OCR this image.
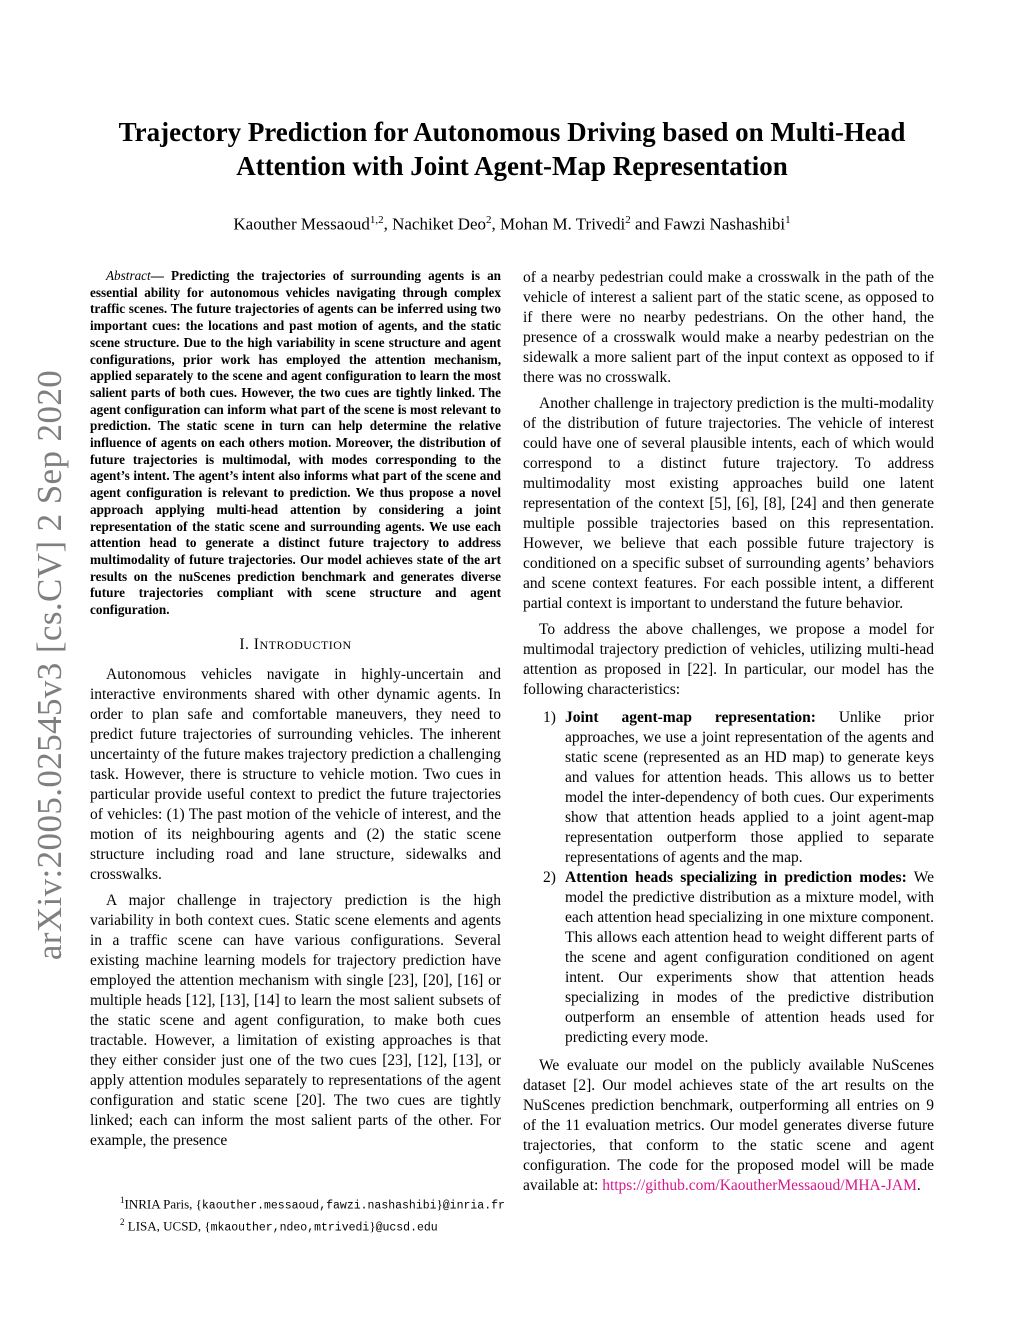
arXiv:2005.02545v3 [cs.CV] 2 Sep 2020
Trajectory Prediction for Autonomous Driving based on Multi-Head
Attention with Joint Agent-Map Representation
Kaouther Messaoud$^{1,2}$, Nachiket Deo$^2$, Mohan M. Trivedi$^2$ and Fawzi Nashashibi$^1$

Abstract— Predicting the trajectories of surrounding agents is an essential ability for autonomous vehicles navigating through complex traffic scenes. The future trajectories of agents can be inferred using two important cues: the locations and past motion of agents, and the static scene structure. Due to the high variability in scene structure and agent configurations, prior work has employed the attention mechanism, applied separately to the scene and agent configuration to learn the most salient parts of both cues. However, the two cues are tightly linked. The agent configuration can inform what part of the scene is most relevant to prediction. The static scene in turn can help determine the relative influence of agents on each others motion. Moreover, the distribution of future trajectories is multimodal, with modes corresponding to the agent’s intent. The agent’s intent also informs what part of the scene and agent configuration is relevant to prediction. We thus propose a novel approach applying multi-head attention by considering a joint representation of the static scene and surrounding agents. We use each attention head to generate a distinct future trajectory to address multimodality of future trajectories. Our model achieves state of the art results on the nuScenes prediction benchmark and generates diverse future trajectories compliant with scene structure and agent configuration.

I. INTRODUCTION

Autonomous vehicles navigate in highly-uncertain and interactive environments shared with other dynamic agents. In order to plan safe and comfortable maneuvers, they need to predict future trajectories of surrounding vehicles. The inherent uncertainty of the future makes trajectory prediction a challenging task. However, there is structure to vehicle motion. Two cues in particular provide useful context to predict the future trajectories of vehicles: (1) The past motion of the vehicle of interest, and the motion of its neighbouring agents and (2) the static scene structure including road and lane structure, sidewalks and crosswalks.

A major challenge in trajectory prediction is the high variability in both context cues. Static scene elements and agents in a traffic scene can have various configurations. Several existing machine learning models for trajectory prediction have employed the attention mechanism with single [23], [20], [16] or multiple heads [12], [13], [14] to learn the most salient subsets of the static scene and agent configuration, to make both cues tractable. However, a limitation of existing approaches is that they either consider just one of the two cues [23], [12], [13], or apply attention modules separately to representations of the agent configuration and static scene [20]. The two cues are tightly linked; each can inform the most salient parts of the other. For example, the presence

of a nearby pedestrian could make a crosswalk in the path of the vehicle of interest a salient part of the static scene, as opposed to if there were no nearby pedestrians. On the other hand, the presence of a crosswalk would make a nearby pedestrian on the sidewalk a more salient part of the input context as opposed to if there was no crosswalk.

Another challenge in trajectory prediction is the multi-modality of the distribution of future trajectories. The vehicle of interest could have one of several plausible intents, each of which would correspond to a distinct future trajectory. To address multimodality most existing approaches build one latent representation of the context [5], [6], [8], [24] and then generate multiple possible trajectories based on this representation. However, we believe that each possible future trajectory is conditioned on a specific subset of surrounding agents’ behaviors and scene context features. For each possible intent, a different partial context is important to understand the future behavior.

To address the above challenges, we propose a model for multimodal trajectory prediction of vehicles, utilizing multi-head attention as proposed in [22]. In particular, our model has the following characteristics:

1) Joint agent-map representation: Unlike prior approaches, we use a joint representation of the agents and static scene (represented as an HD map) to generate keys and values for attention heads. This allows us to better model the inter-dependency of both cues. Our experiments show that attention heads applied to a joint agent-map representation outperform those applied to separate representations of agents and the map.
2) Attention heads specializing in prediction modes: We model the predictive distribution as a mixture model, with each attention head specializing in one mixture component. This allows each attention head to weight different parts of the scene and agent configuration conditioned on agent intent. Our experiments show that attention heads specializing in modes of the predictive distribution outperform an ensemble of attention heads used for predicting every mode.

We evaluate our model on the publicly available NuScenes dataset [2]. Our model achieves state of the art results on the NuScenes prediction benchmark, outperforming all entries on 9 of the 11 evaluation metrics. Our model generates diverse future trajectories, that conform to the static scene and agent configuration. The code for the proposed model will be made available at: https://github.com/KaoutherMessaoud/MHA-JAM.

$^1$INRIA Paris, {kaouther.messaoud,fawzi.nashashibi}@inria.fr
$^2$ LISA, UCSD, {mkaouther,ndeo,mtrivedi}@ucsd.edu
